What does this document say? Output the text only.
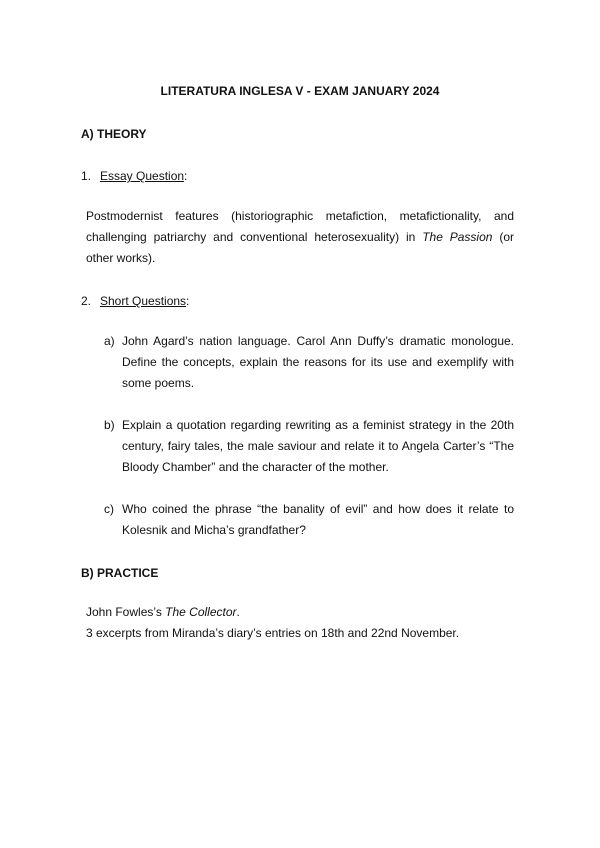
LITERATURA INGLESA V - EXAM JANUARY 2024
A) THEORY
1. Essay Question:
Postmodernist features (historiographic metafiction, metafictionality, and challenging patriarchy and conventional heterosexuality) in The Passion (or other works).
2. Short Questions:
a) John Agard’s nation language. Carol Ann Duffy’s dramatic monologue. Define the concepts, explain the reasons for its use and exemplify with some poems.
b) Explain a quotation regarding rewriting as a feminist strategy in the 20th century, fairy tales, the male saviour and relate it to Angela Carter’s “The Bloody Chamber” and the character of the mother.
c) Who coined the phrase “the banality of evil” and how does it relate to Kolesnik and Micha’s grandfather?
B) PRACTICE
John Fowles’s The Collector.
3 excerpts from Miranda’s diary’s entries on 18th and 22nd November.
